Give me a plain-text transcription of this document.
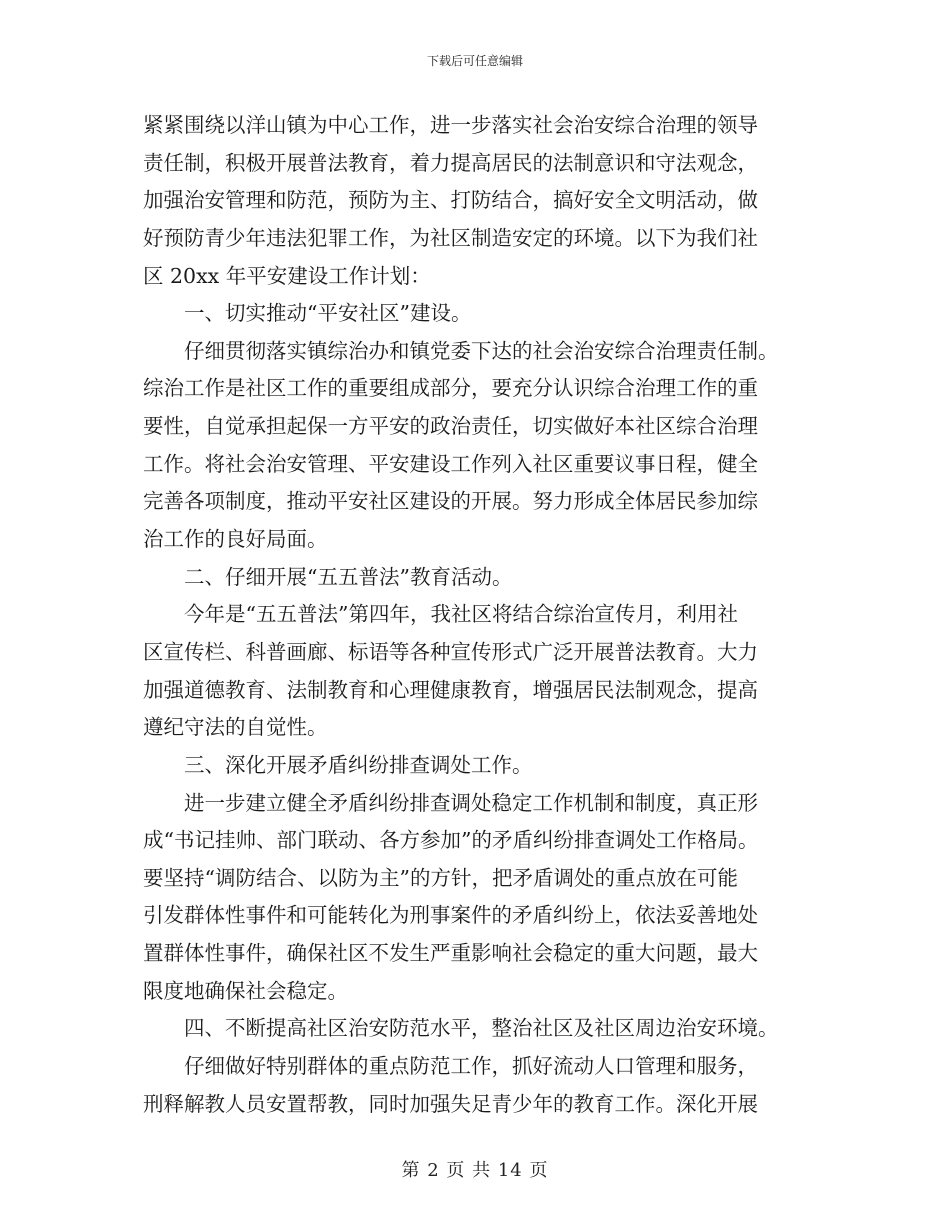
下载后可任意编辑
紧紧围绕以洋山镇为中心工作，进一步落实社会治安综合治理的领导
责任制，积极开展普法教育，着力提高居民的法制意识和守法观念，
加强治安管理和防范，预防为主、打防结合，搞好安全文明活动，做
好预防青少年违法犯罪工作，为社区制造安定的环境。以下为我们社
区 20xx 年平安建设工作计划：
一、切实推动“平安社区”建设。
仔细贯彻落实镇综治办和镇党委下达的社会治安综合治理责任制。
综治工作是社区工作的重要组成部分，要充分认识综合治理工作的重
要性，自觉承担起保一方平安的政治责任，切实做好本社区综合治理
工作。将社会治安管理、平安建设工作列入社区重要议事日程，健全
完善各项制度，推动平安社区建设的开展。努力形成全体居民参加综
治工作的良好局面。
二、仔细开展“五五普法”教育活动。
今年是“五五普法”第四年，我社区将结合综治宣传月，利用社
区宣传栏、科普画廊、标语等各种宣传形式广泛开展普法教育。大力
加强道德教育、法制教育和心理健康教育，增强居民法制观念，提高
遵纪守法的自觉性。
三、深化开展矛盾纠纷排查调处工作。
进一步建立健全矛盾纠纷排查调处稳定工作机制和制度，真正形
成“书记挂帅、部门联动、各方参加”的矛盾纠纷排查调处工作格局。
要坚持“调防结合、以防为主”的方针，把矛盾调处的重点放在可能
引发群体性事件和可能转化为刑事案件的矛盾纠纷上，依法妥善地处
置群体性事件，确保社区不发生严重影响社会稳定的重大问题，最大
限度地确保社会稳定。
四、不断提高社区治安防范水平，整治社区及社区周边治安环境。
仔细做好特别群体的重点防范工作，抓好流动人口管理和服务，
刑释解教人员安置帮教，同时加强失足青少年的教育工作。深化开展
第 2 页 共 14 页
